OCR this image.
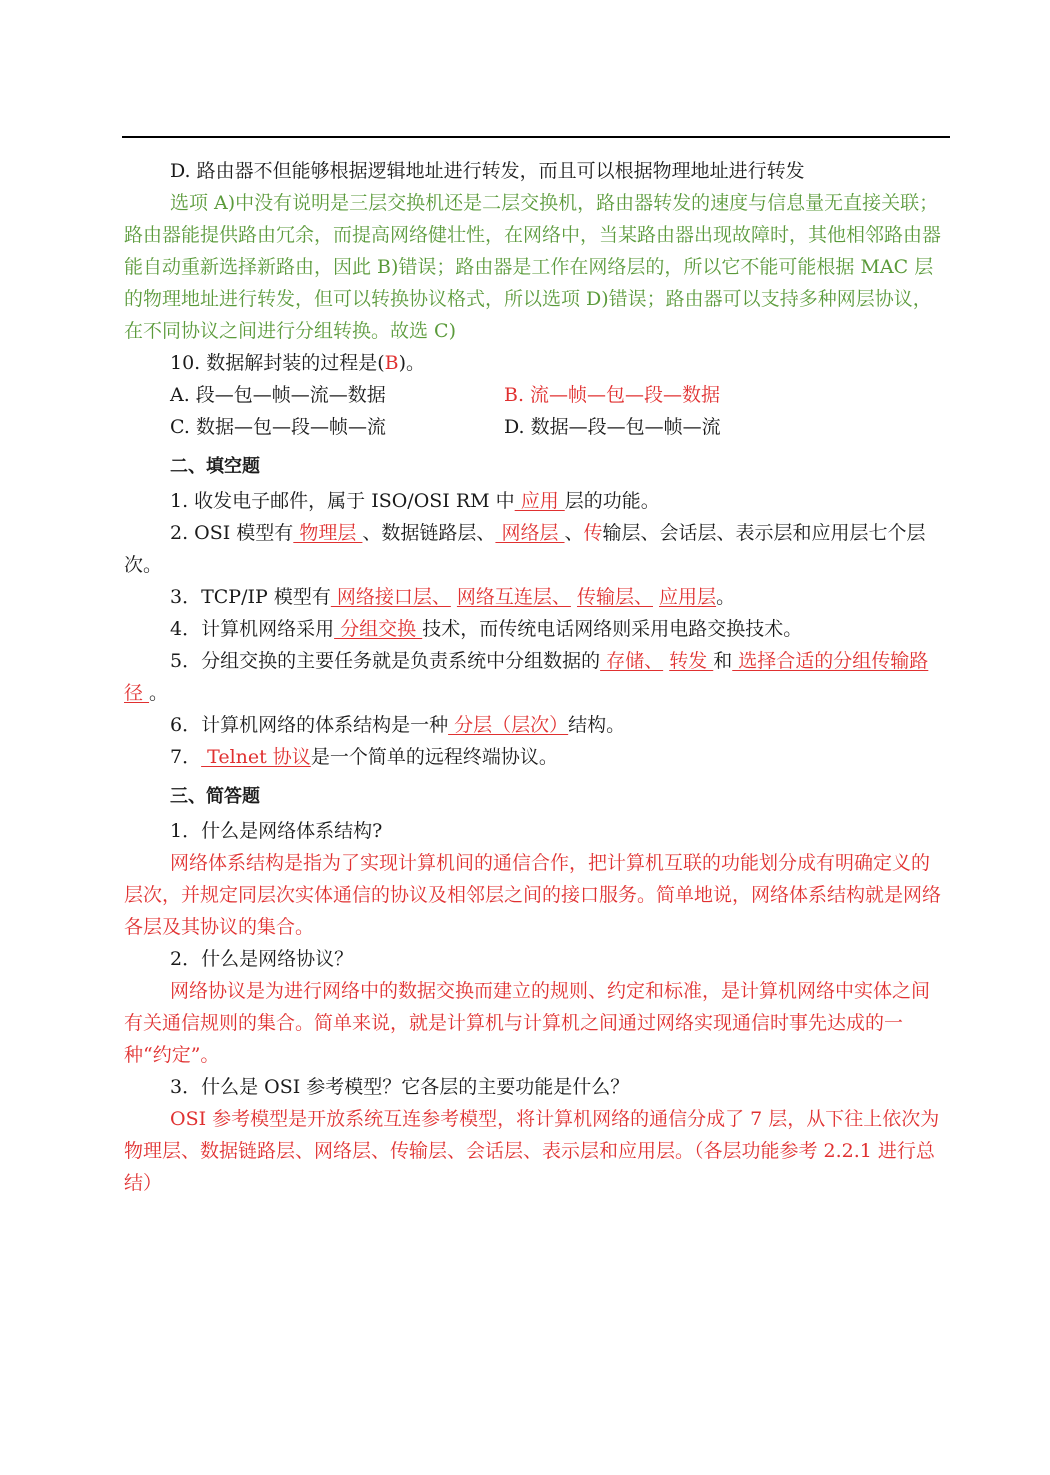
D. 路由器不但能够根据逻辑地址进行转发，而且可以根据物理地址进行转发

选项 A)中没有说明是三层交换机还是二层交换机，路由器转发的速度与信息量无直接关联；路由器能提供路由冗余，而提高网络健壮性，在网络中，当某路由器出现故障时，其他相邻路由器能自动重新选择新路由，因此 B)错误；路由器是工作在网络层的，所以它不能可能根据 MAC 层的物理地址进行转发，但可以转换协议格式，所以选项 D)错误；路由器可以支持多种网层协议，在不同协议之间进行分组转换。故选 C)

10. 数据解封装的过程是(B)。

A. 段—包—帧—流—数据	B. 流—帧—包—段—数据
C. 数据—包—段—帧—流	D. 数据—段—包—帧—流

二、填空题

1. 收发电子邮件，属于 ISO/OSI RM 中 应用 层的功能。

2. OSI 模型有 物理层 、数据链路层、 网络层 、传输层、会话层、表示层和应用层七个层次。

3．TCP/IP 模型有 网络接口层、 网络互连层、 传输层、 应用层。

4．计算机网络采用 分组交换 技术，而传统电话网络则采用电路交换技术。

5．分组交换的主要任务就是负责系统中分组数据的 存储、 转发 和 选择合适的分组传输路径 。

6．计算机网络的体系结构是一种 分层（层次）结构。

7． Telnet 协议是一个简单的远程终端协议。

三、简答题

1．什么是网络体系结构?

网络体系结构是指为了实现计算机间的通信合作，把计算机互联的功能划分成有明确定义的层次，并规定同层次实体通信的协议及相邻层之间的接口服务。简单地说，网络体系结构就是网络各层及其协议的集合。

2．什么是网络协议？

网络协议是为进行网络中的数据交换而建立的规则、约定和标准，是计算机网络中实体之间有关通信规则的集合。简单来说，就是计算机与计算机之间通过网络实现通信时事先达成的一种“约定”。

3．什么是 OSI 参考模型？它各层的主要功能是什么？

OSI 参考模型是开放系统互连参考模型，将计算机网络的通信分成了 7 层，从下往上依次为物理层、数据链路层、网络层、传输层、会话层、表示层和应用层。（各层功能参考 2.2.1 进行总结）
